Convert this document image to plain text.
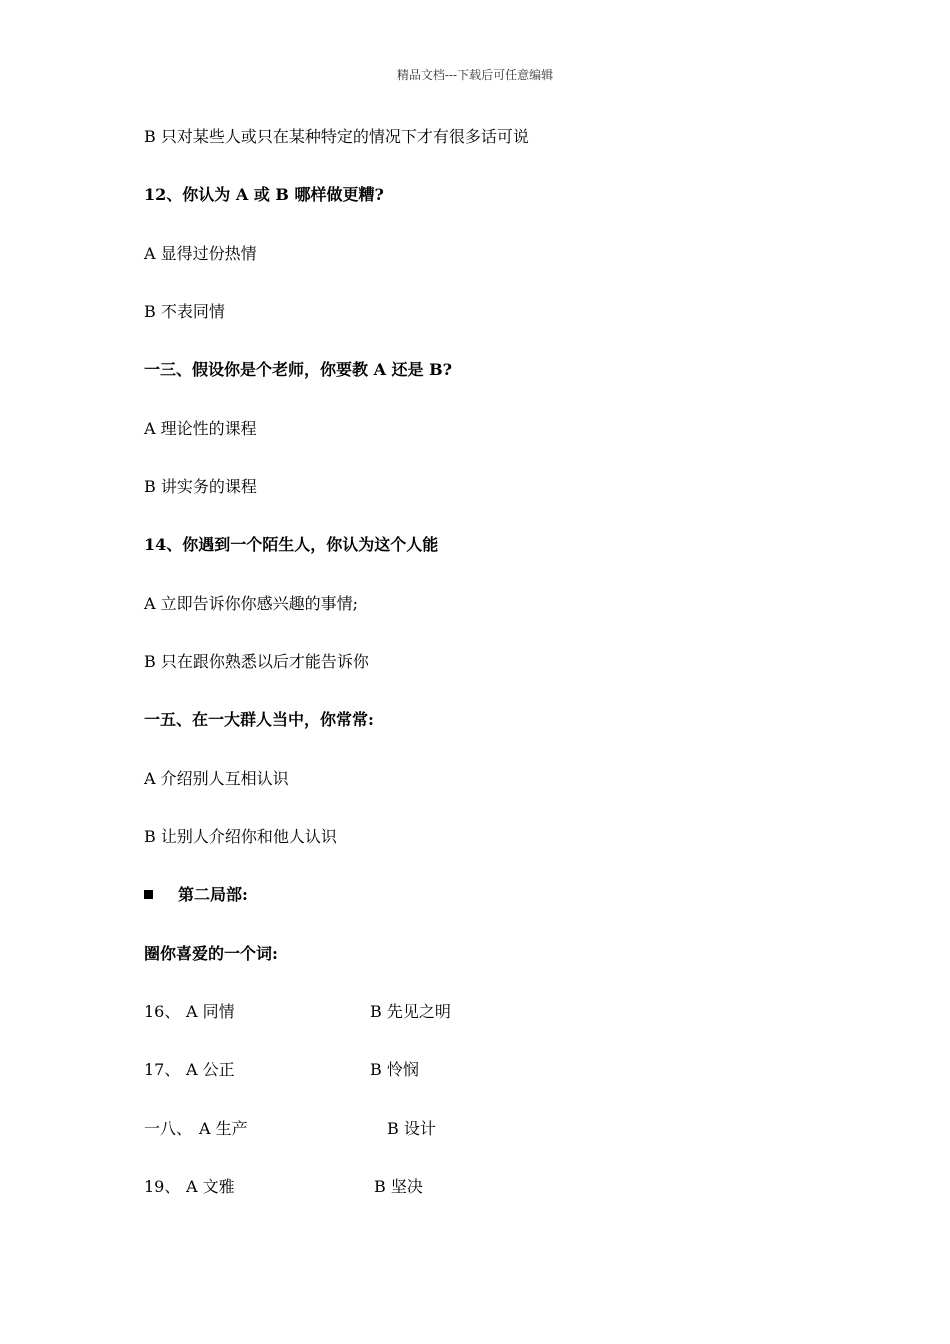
精品文档---下载后可任意编辑
B 只对某些人或只在某种特定的情况下才有很多话可说
12、你认为 A 或 B 哪样做更糟?
A 显得过份热情
B 不表同情
一三、假设你是个老师，你要教 A 还是 B?
A 理论性的课程
B 讲实务的课程
14、你遇到一个陌生人，你认为这个人能
A 立即告诉你你感兴趣的事情;
B 只在跟你熟悉以后才能告诉你
一五、在一大群人当中，你常常:
A 介绍别人互相认识
B 让别人介绍你和他人认识
第二局部:
圈你喜爱的一个词:
16、 A 同情	B 先见之明
17、 A 公正	B 怜悯
一八、 A 生产	B 设计
19、 A 文雅	B 坚决
